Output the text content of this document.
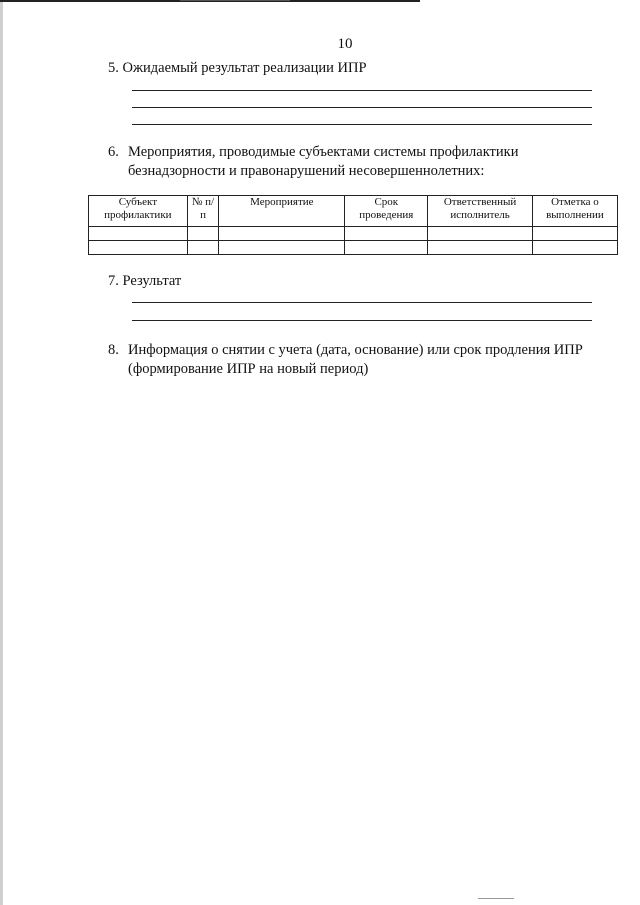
10
5. Ожидаемый результат реализации ИПР
6. Мероприятия, проводимые субъектами системы профилактики безнадзорности и правонарушений несовершеннолетних:
Субъект профилактики	№ п/п	Мероприятие	Срок проведения	Ответственный исполнитель	Отметка о выполнении

7. Результат
8. Информация о снятии с учета (дата, основание) или срок продления ИПР (формирование ИПР на новый период)
